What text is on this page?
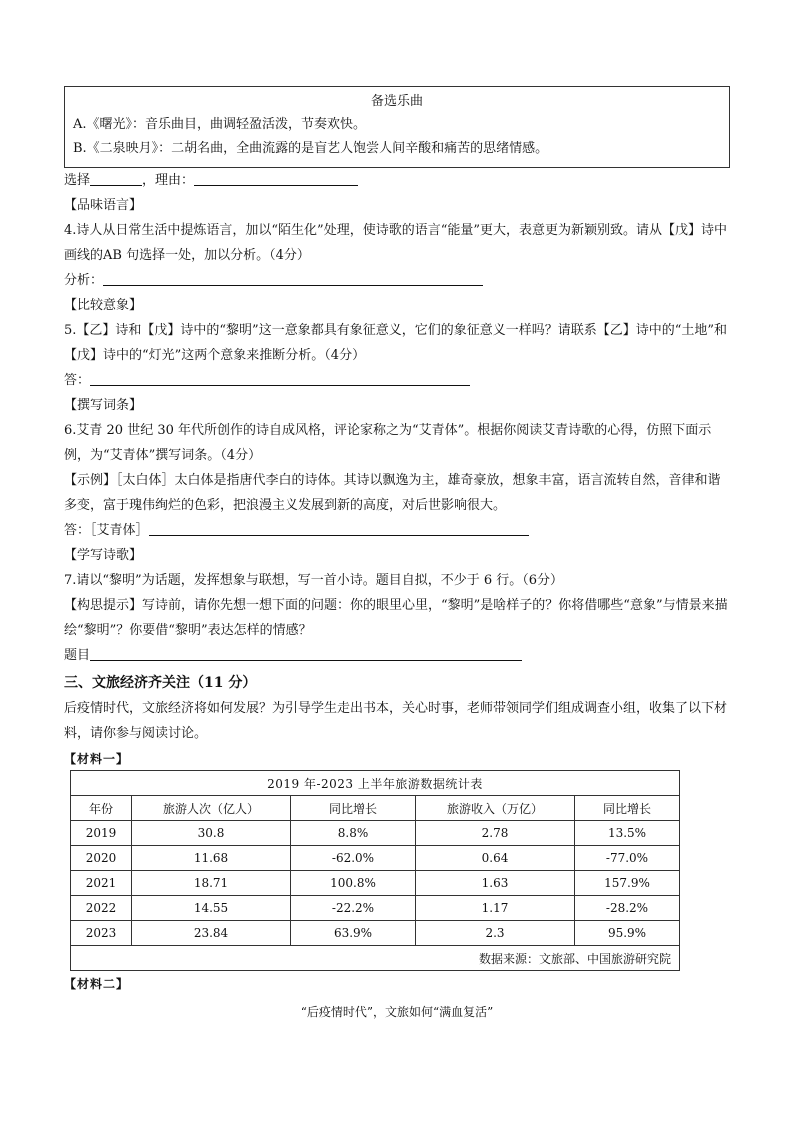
备选乐曲
A.《曙光》：音乐曲目，曲调轻盈活泼，节奏欢快。
B.《二泉映月》：二胡名曲，全曲流露的是盲艺人饱尝人间辛酸和痛苦的思绪情感。
选择	，理由：
【品味语言】
4.诗人从日常生活中提炼语言，加以“陌生化”处理，使诗歌的语言“能量”更大，表意更为新颖别致。请从【戊】诗中画线的AB 句选择一处，加以分析。（4分）
分析：
【比较意象】
5.【乙】诗和【戊】诗中的“黎明”这一意象都具有象征意义，它们的象征意义一样吗？请联系【乙】诗中的“土地”和【戊】诗中的“灯光”这两个意象来推断分析。（4分）
答：
【撰写词条】
6.艾青 20 世纪 30 年代所创作的诗自成风格，评论家称之为“艾青体”。根据你阅读艾青诗歌的心得，仿照下面示例，为“艾青体”撰写词条。（4分）
【示例】［太白体］太白体是指唐代李白的诗体。其诗以飘逸为主，雄奇豪放，想象丰富，语言流转自然，音律和谐多变，富于瑰伟绚烂的色彩，把浪漫主义发展到新的高度，对后世影响很大。
答：［艾青体］
【学写诗歌】
7.请以“黎明”为话题，发挥想象与联想，写一首小诗。题目自拟，不少于 6 行。（6分）
【构思提示】写诗前，请你先想一想下面的问题：你的眼里心里，“黎明”是啥样子的？你将借哪些“意象”与情景来描绘“黎明”？你要借“黎明”表达怎样的情感？
题目
三、文旅经济齐关注（11 分）
后疫情时代，文旅经济将如何发展？为引导学生走出书本，关心时事，老师带领同学们组成调查小组，收集了以下材料，请你参与阅读讨论。
【材料一】
2019 年-2023 上半年旅游数据统计表				
年份	旅游人次（亿人）	同比增长	旅游收入（万亿）	同比增长
2019	30.8	8.8%	2.78	13.5%
2020	11.68	-62.0%	0.64	-77.0%
2021	18.71	100.8%	1.63	157.9%
2022	14.55	-22.2%	1.17	-28.2%
2023	23.84	63.9%	2.3	95.9%
数据来源：文旅部、中国旅游研究院				
【材料二】
“后疫情时代”，文旅如何“满血复活”
